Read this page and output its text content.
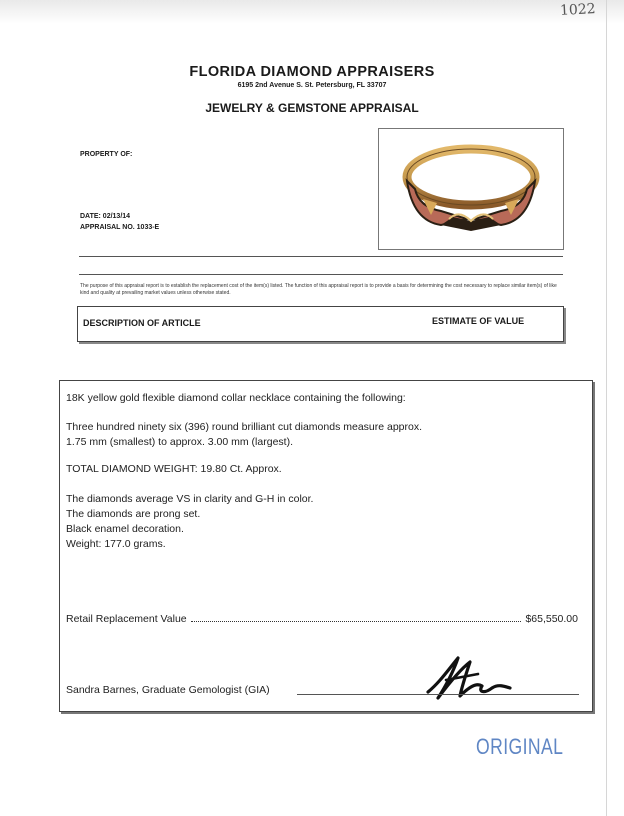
1022
FLORIDA DIAMOND APPRAISERS
6195 2nd Avenue S. St. Petersburg, FL 33707
JEWELRY & GEMSTONE APPRAISAL
PROPERTY OF:
DATE: 02/13/14
APPRAISAL NO. 1033-E
The purpose of this appraisal report is to establish the replacement cost of the item(s) listed. The function of this appraisal report is to provide a basis for determining the cost necessary to replace similar item(s) of like kind and quality at prevailing market values unless otherwise stated.
DESCRIPTION OF ARTICLE	ESTIMATE OF VALUE
18K yellow gold flexible diamond collar necklace containing the following:
Three hundred ninety six (396) round brilliant cut diamonds measure approx.
1.75 mm (smallest) to approx. 3.00 mm (largest).
TOTAL DIAMOND WEIGHT: 19.80 Ct. Approx.
The diamonds average VS in clarity and G-H in color.
The diamonds are prong set.
Black enamel decoration.
Weight: 177.0 grams.
Retail Replacement Value	$65,550.00
Sandra Barnes, Graduate Gemologist (GIA)
ORIGINAL
